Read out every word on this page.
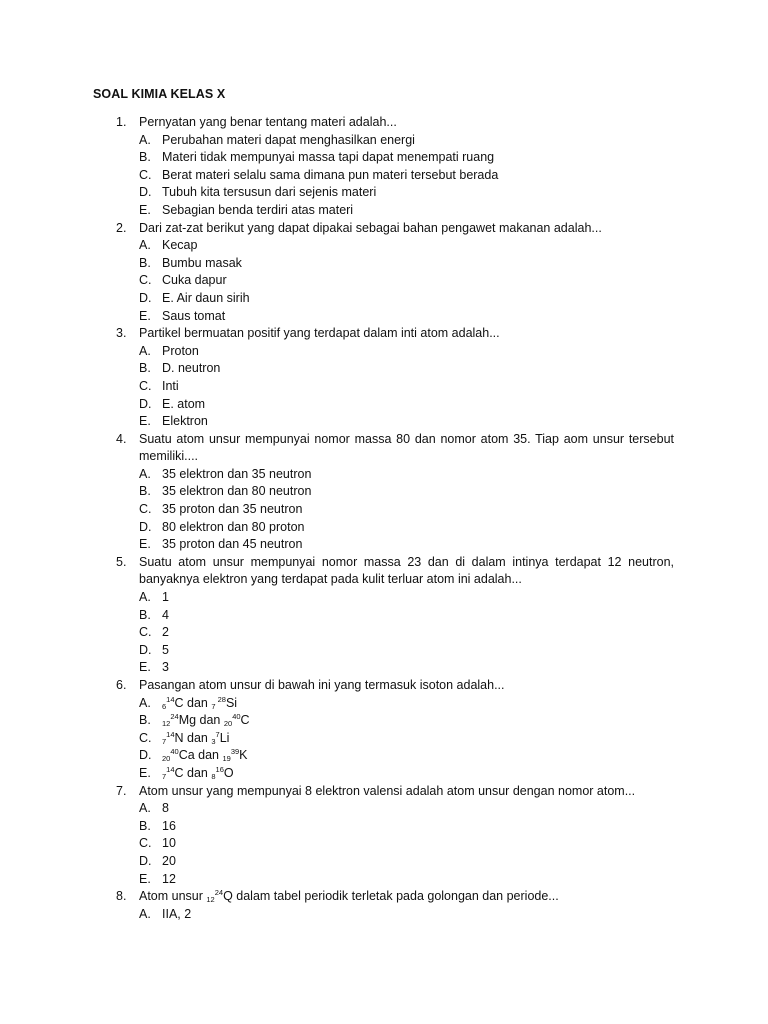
SOAL KIMIA KELAS X
1. Pernyatan yang benar tentang materi adalah...
A. Perubahan materi dapat menghasilkan energi
B. Materi tidak mempunyai massa tapi dapat menempati ruang
C. Berat materi selalu sama dimana pun materi tersebut berada
D. Tubuh kita tersusun dari sejenis materi
E. Sebagian benda terdiri atas materi
2. Dari zat-zat berikut yang dapat dipakai sebagai bahan pengawet makanan adalah...
A. Kecap
B. Bumbu masak
C. Cuka dapur
D. E. Air daun sirih
E. Saus tomat
3. Partikel bermuatan positif yang terdapat dalam inti atom adalah...
A. Proton
B. D. neutron
C. Inti
D. E. atom
E. Elektron
4. Suatu atom unsur mempunyai nomor massa 80 dan nomor atom 35. Tiap aom unsur tersebut memiliki....
A. 35 elektron dan 35 neutron
B. 35 elektron dan 80 neutron
C. 35 proton dan 35 neutron
D. 80 elektron dan 80 proton
E. 35 proton dan 45 neutron
5. Suatu atom unsur mempunyai nomor massa 23 dan di dalam intinya terdapat 12 neutron, banyaknya elektron yang terdapat pada kulit terluar atom ini adalah...
A. 1
B. 4
C. 2
D. 5
E. 3
6. Pasangan atom unsur di bawah ini yang termasuk isoton adalah...
A. $_6^{14}$C dan $_7$ $^{28}$Si
B. $_{12}^{24}$Mg dan $_{20}^{40}$C
C. $_7^{14}$N dan $_3^7$Li
D. $_{20}^{40}$Ca dan $_{19}^{39}$K
E. $_7^{14}$C dan $_8^{16}$O
7. Atom unsur yang mempunyai 8 elektron valensi adalah atom unsur dengan nomor atom...
A. 8
B. 16
C. 10
D. 20
E. 12
8. Atom unsur $_{12}^{24}$Q dalam tabel periodik terletak pada golongan dan periode...
A. IIA, 2
